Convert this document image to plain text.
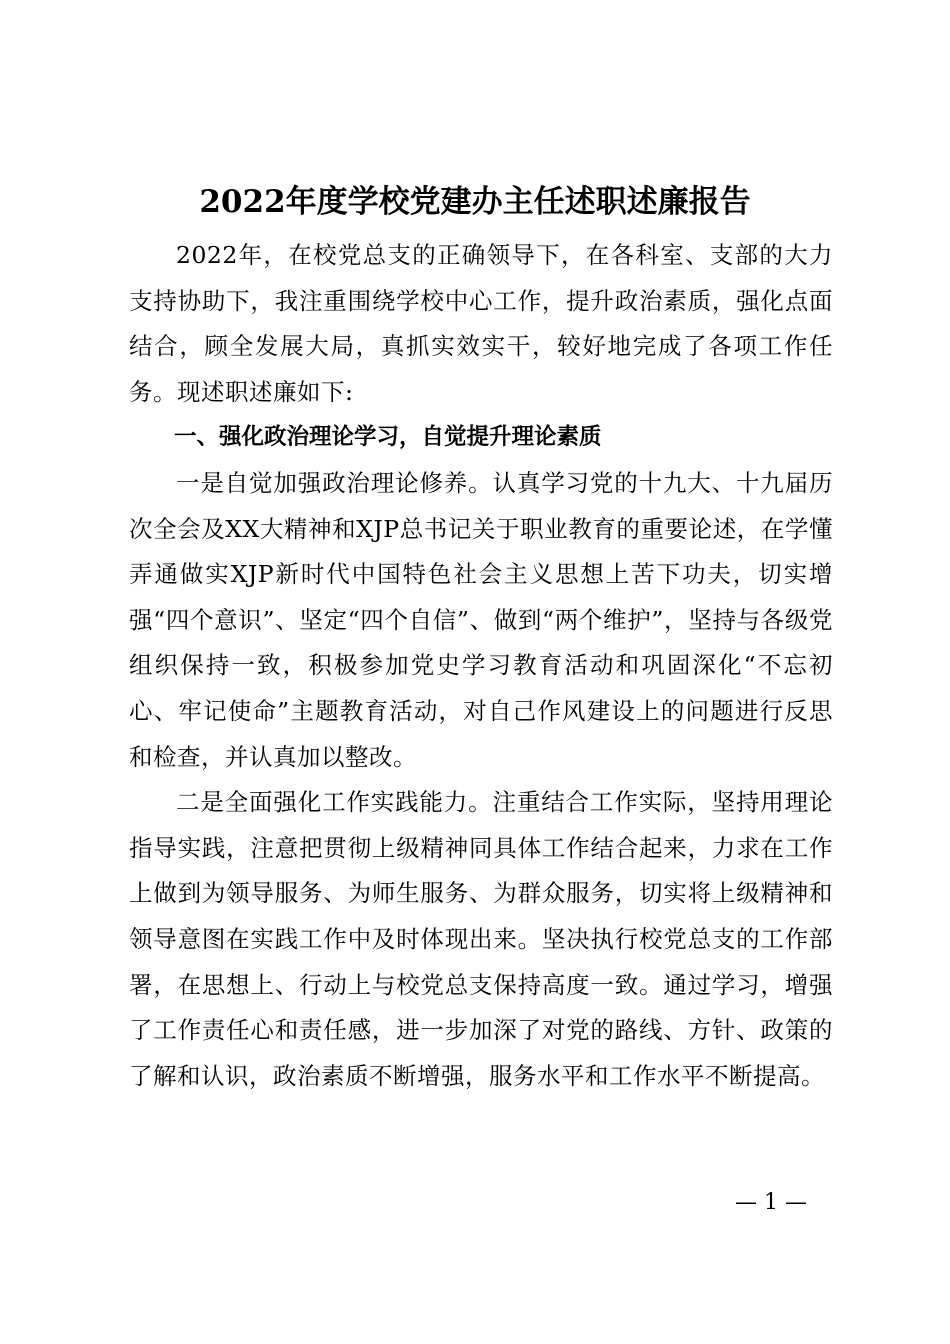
2022年度学校党建办主任述职述廉报告

2022年，在校党总支的正确领导下，在各科室、支部的大力支持协助下，我注重围绕学校中心工作，提升政治素质，强化点面结合，顾全发展大局，真抓实效实干，较好地完成了各项工作任务。现述职述廉如下:

一、强化政治理论学习，自觉提升理论素质

一是自觉加强政治理论修养。认真学习党的十九大、十九届历次全会及XX大精神和XJP总书记关于职业教育的重要论述，在学懂弄通做实XJP新时代中国特色社会主义思想上苦下功夫，切实增强“四个意识”、坚定“四个自信”、做到“两个维护”，坚持与各级党组织保持一致，积极参加党史学习教育活动和巩固深化“不忘初心、牢记使命”主题教育活动，对自己作风建设上的问题进行反思和检查，并认真加以整改。

二是全面强化工作实践能力。注重结合工作实际，坚持用理论指导实践，注意把贯彻上级精神同具体工作结合起来，力求在工作上做到为领导服务、为师生服务、为群众服务，切实将上级精神和领导意图在实践工作中及时体现出来。坚决执行校党总支的工作部署，在思想上、行动上与校党总支保持高度一致。通过学习，增强了工作责任心和责任感，进一步加深了对党的路线、方针、政策的了解和认识，政治素质不断增强，服务水平和工作水平不断提高。

— 1 —
